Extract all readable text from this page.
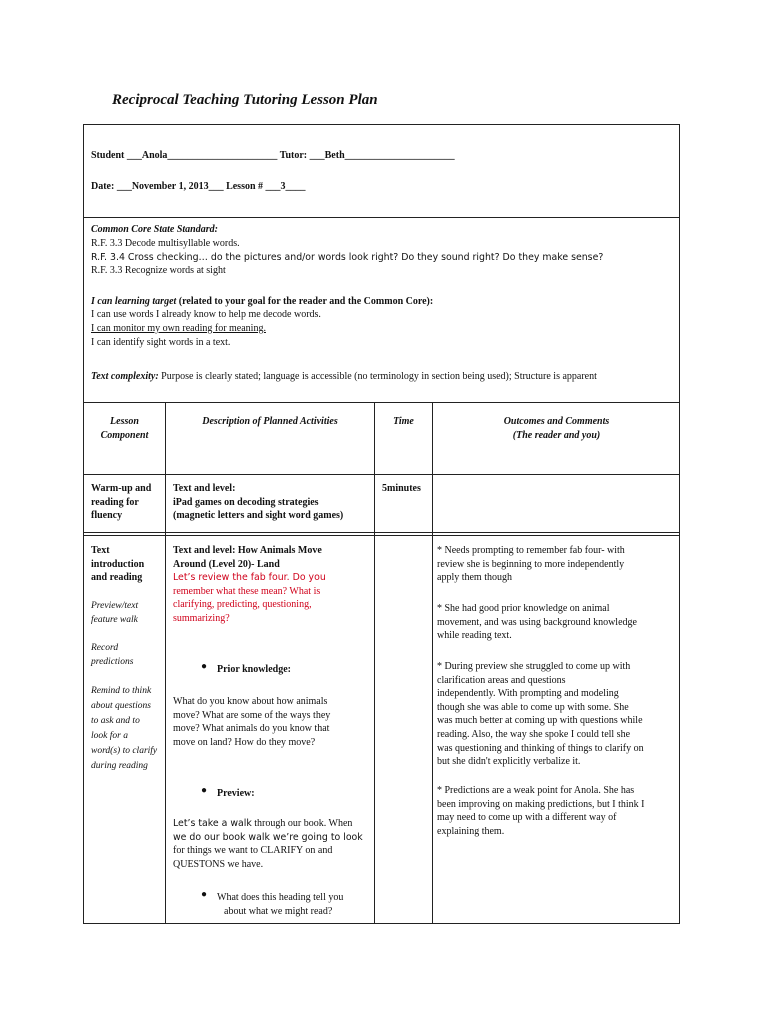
Reciprocal Teaching Tutoring Lesson Plan
Student ___Anola______________________ Tutor: ___Beth______________________
Date: ___November 1, 2013___ Lesson # ___3____
Common Core State Standard:
R.F. 3.3 Decode multisyllable words.
R.F. 3.4 Cross checking… do the pictures and/or words look right? Do they sound right? Do they make sense?
R.F. 3.3 Recognize words at sight
I can learning target (related to your goal for the reader and the Common Core):
I can use words I already know to help me decode words.
I can monitor my own reading for meaning.
I can identify sight words in a text.
Text complexity: Purpose is clearly stated; language is accessible (no terminology in section being used); Structure is apparent
Lesson
Component
Description of Planned Activities	Time	Outcomes and Comments
(The reader and you)
Warm-up and
reading for
fluency
Text and level:
iPad games on decoding strategies
(magnetic letters and sight word games)
5minutes
Text
introduction
and reading
Preview/text
feature walk
Record
predictions
Remind to think
about questions
to ask and to
look for a
word(s) to clarify
during reading
Text and level: How Animals Move
Around (Level 20)- Land
Let’s review the fab four. Do you
remember what these mean? What is
clarifying, predicting, questioning,
summarizing?
● Prior knowledge:
What do you know about how animals
move? What are some of the ways they
move? What animals do you know that
move on land? How do they move?
● Preview:
Let’s take a walk through our book. When
we do our book walk we’re going to look
for things we want to CLARIFY on and
QUESTONS we have.
● What does this heading tell you
about what we might read?
* Needs prompting to remember fab four- with
review she is beginning to more independently
apply them though
* She had good prior knowledge on animal
movement, and was using background knowledge
while reading text.
* During preview she struggled to come up with
clarification areas and questions
independently. With prompting and modeling
though she was able to come up with some. She
was much better at coming up with questions while
reading. Also, the way she spoke I could tell she
was questioning and thinking of things to clarify on
but she didn't explicitly verbalize it.
* Predictions are a weak point for Anola. She has
been improving on making predictions, but I think I
may need to come up with a different way of
explaining them.
